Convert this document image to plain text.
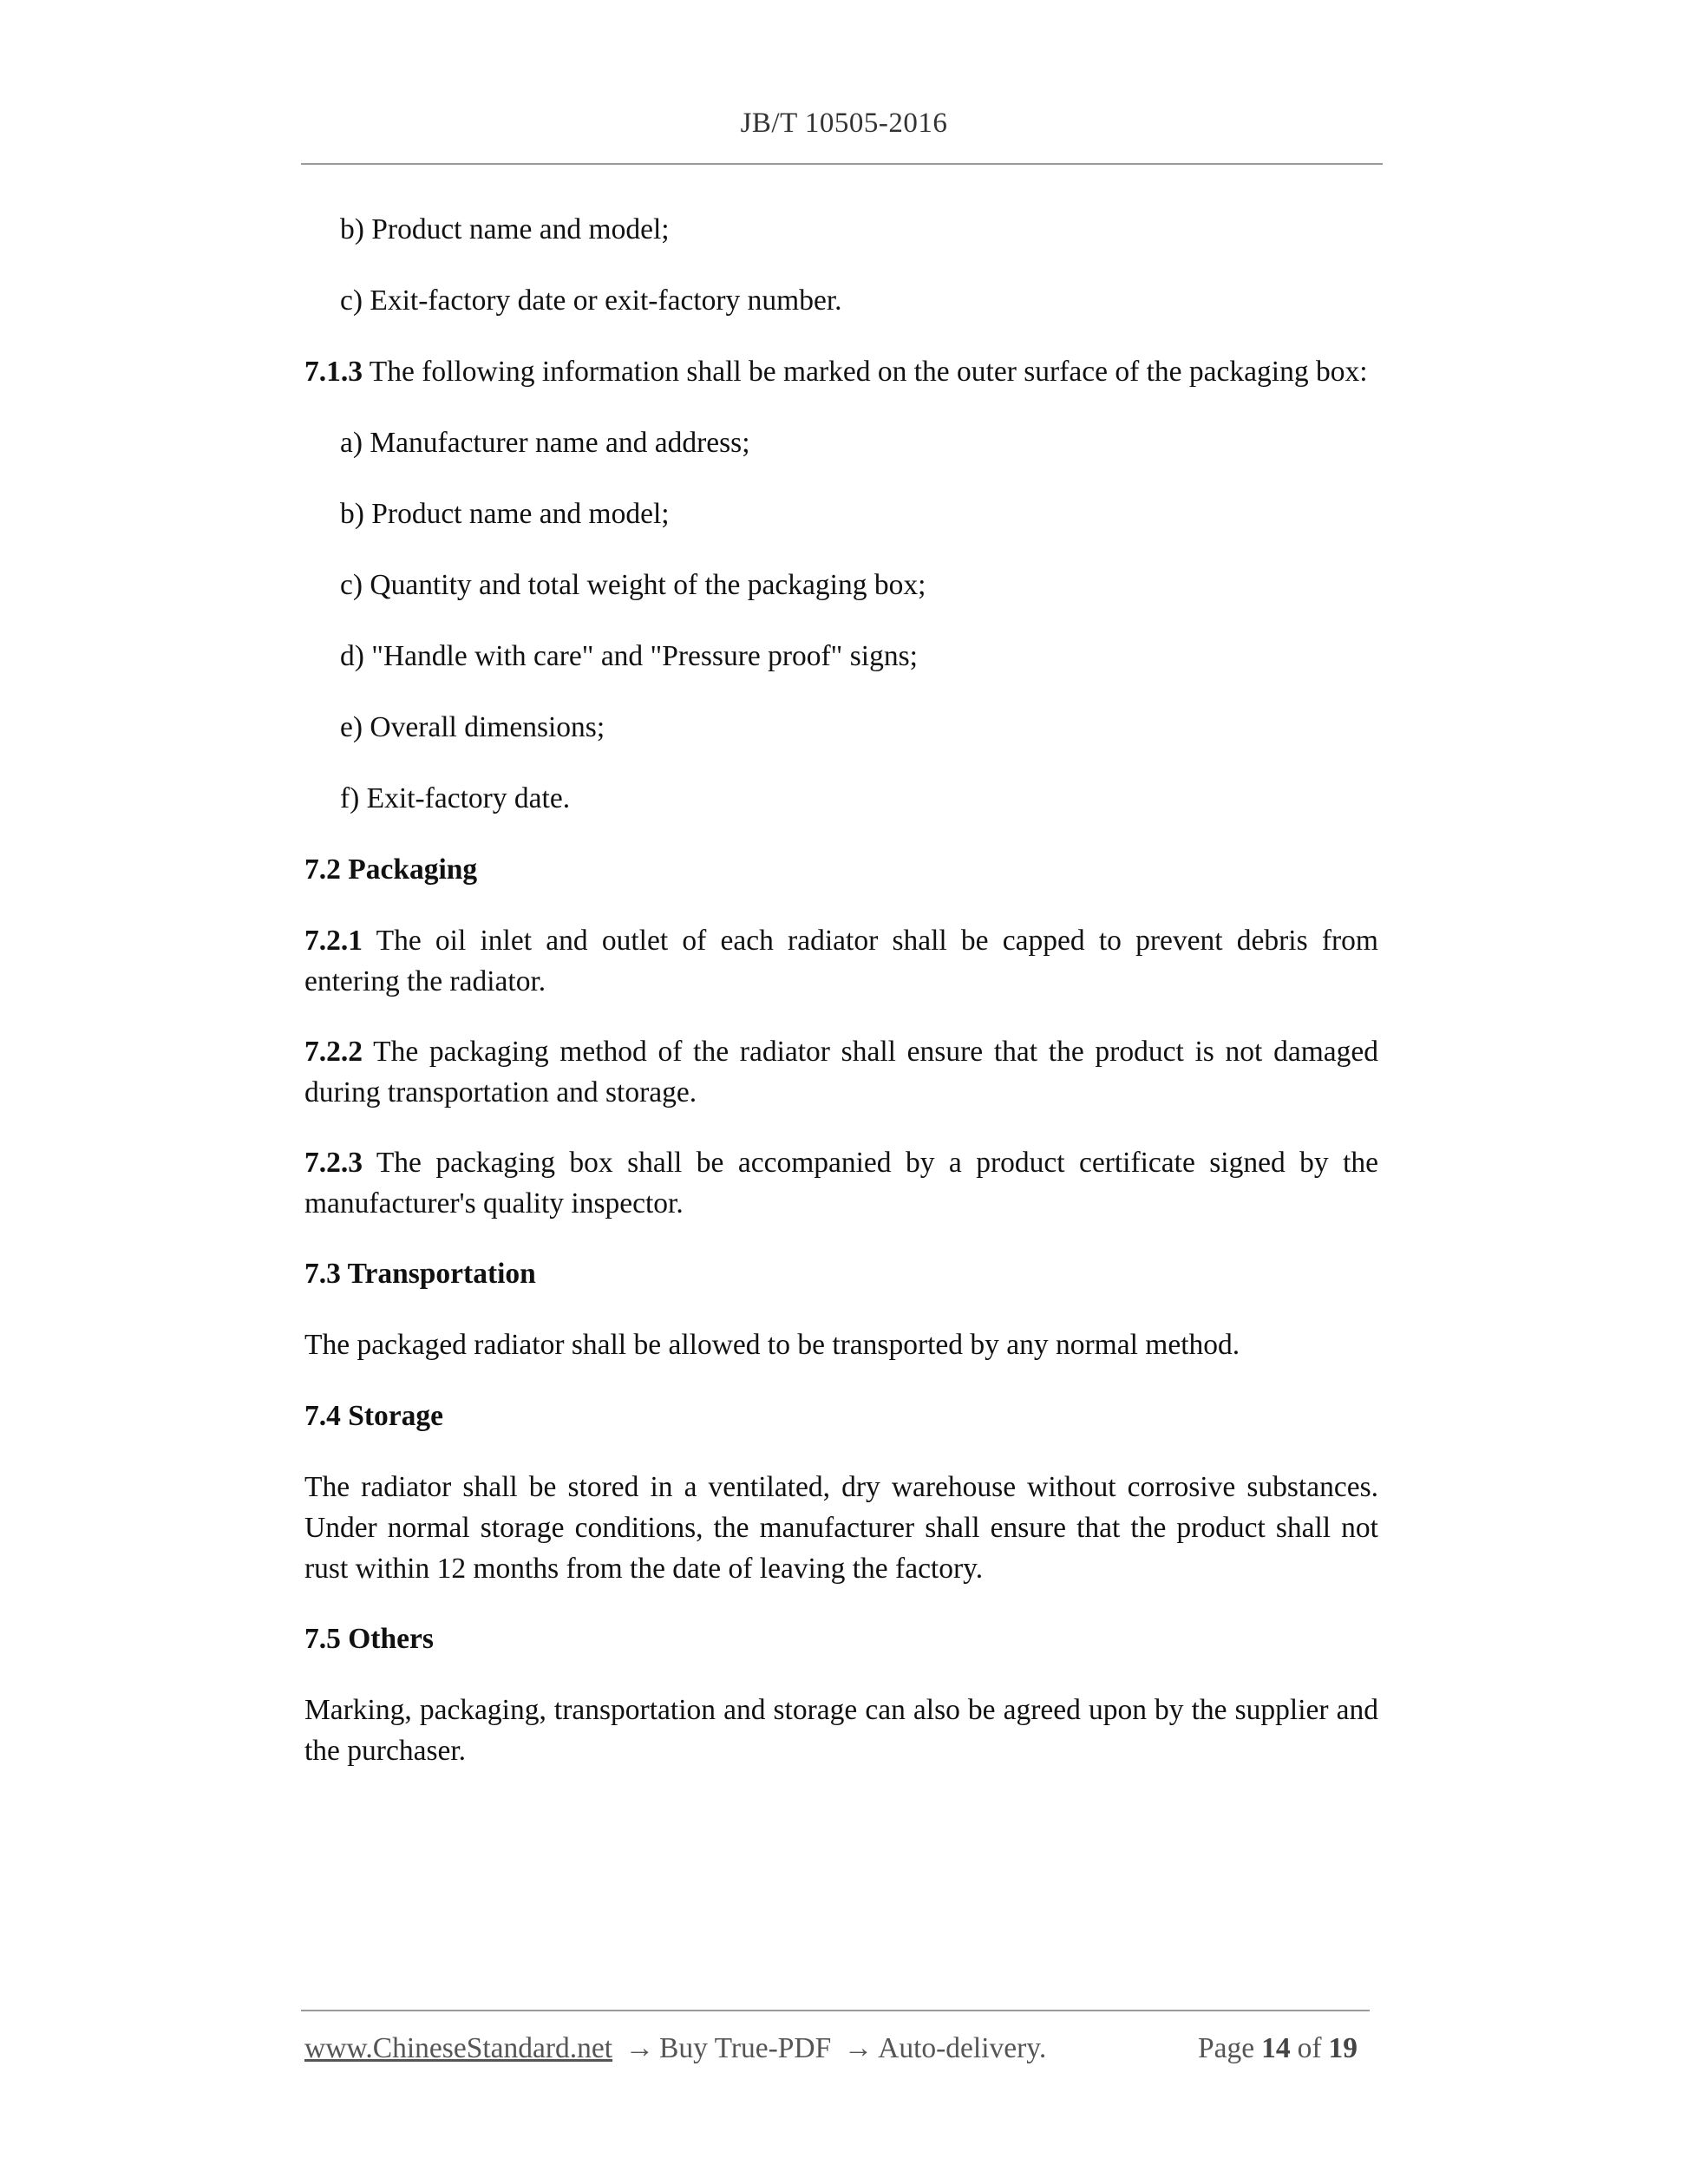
JB/T 10505-2016
b) Product name and model;
c) Exit-factory date or exit-factory number.
7.1.3 The following information shall be marked on the outer surface of the packaging box:
a) Manufacturer name and address;
b) Product name and model;
c) Quantity and total weight of the packaging box;
d) "Handle with care" and "Pressure proof" signs;
e) Overall dimensions;
f) Exit-factory date.
7.2 Packaging
7.2.1 The oil inlet and outlet of each radiator shall be capped to prevent debris from entering the radiator.
7.2.2 The packaging method of the radiator shall ensure that the product is not damaged during transportation and storage.
7.2.3 The packaging box shall be accompanied by a product certificate signed by the manufacturer's quality inspector.
7.3 Transportation
The packaged radiator shall be allowed to be transported by any normal method.
7.4 Storage
The radiator shall be stored in a ventilated, dry warehouse without corrosive substances. Under normal storage conditions, the manufacturer shall ensure that the product shall not rust within 12 months from the date of leaving the factory.
7.5 Others
Marking, packaging, transportation and storage can also be agreed upon by the supplier and the purchaser.
www.ChineseStandard.net → Buy True-PDF → Auto-delivery.	Page 14 of 19
